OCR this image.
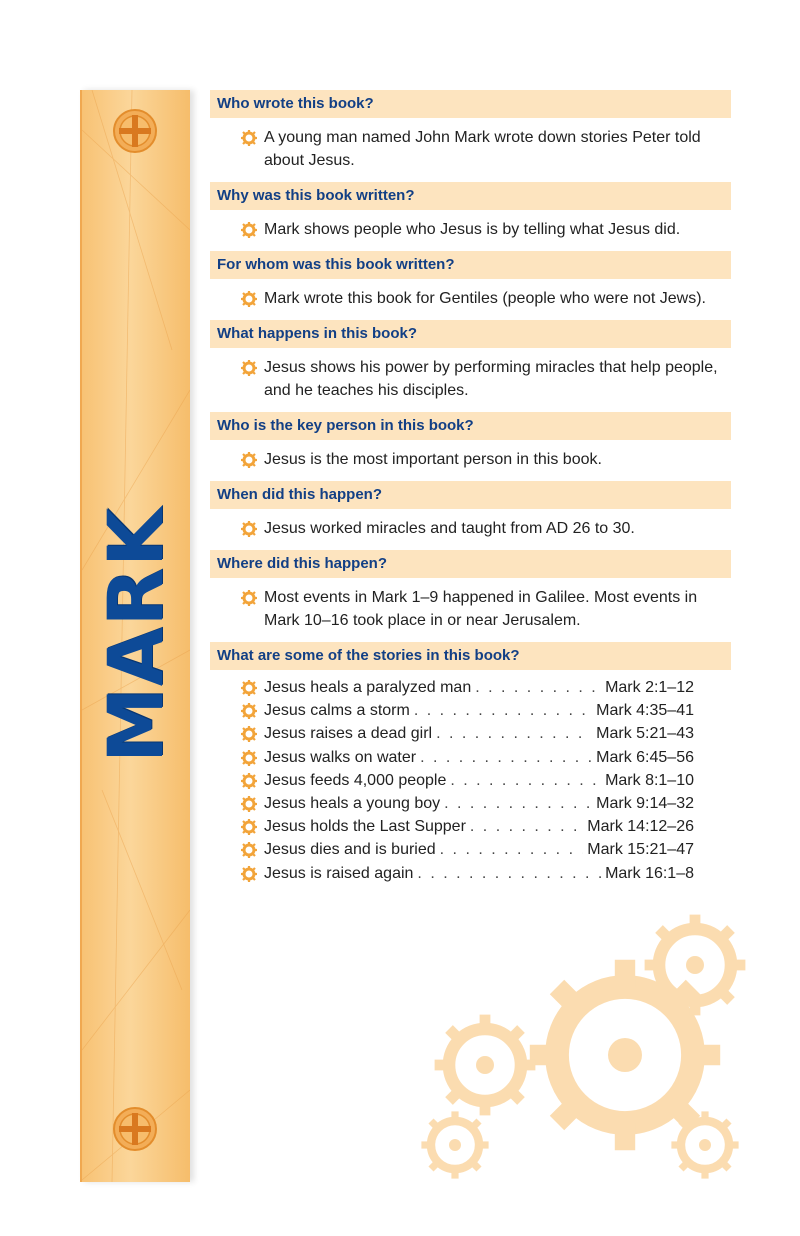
MARK
Who wrote this book?
A young man named John Mark wrote down stories Peter told about Jesus.
Why was this book written?
Mark shows people who Jesus is by telling what Jesus did.
For whom was this book written?
Mark wrote this book for Gentiles (people who were not Jews).
What happens in this book?
Jesus shows his power by performing miracles that help people, and he teaches his disciples.
Who is the key person in this book?
Jesus is the most important person in this book.
When did this happen?
Jesus worked miracles and taught from AD 26 to 30.
Where did this happen?
Most events in Mark 1–9 happened in Galilee. Most events in Mark 10–16 took place in or near Jerusalem.
What are some of the stories in this book?
Jesus heals a paralyzed man . . .	Mark 2:1–12
Jesus calms a storm . . .	Mark 4:35–41
Jesus raises a dead girl . . .	Mark 5:21–43
Jesus walks on water . . .	Mark 6:45–56
Jesus feeds 4,000 people . . .	Mark 8:1–10
Jesus heals a young boy . . .	Mark 9:14–32
Jesus holds the Last Supper . . .	Mark 14:12–26
Jesus dies and is buried . . .	Mark 15:21–47
Jesus is raised again . . .	Mark 16:1–8
